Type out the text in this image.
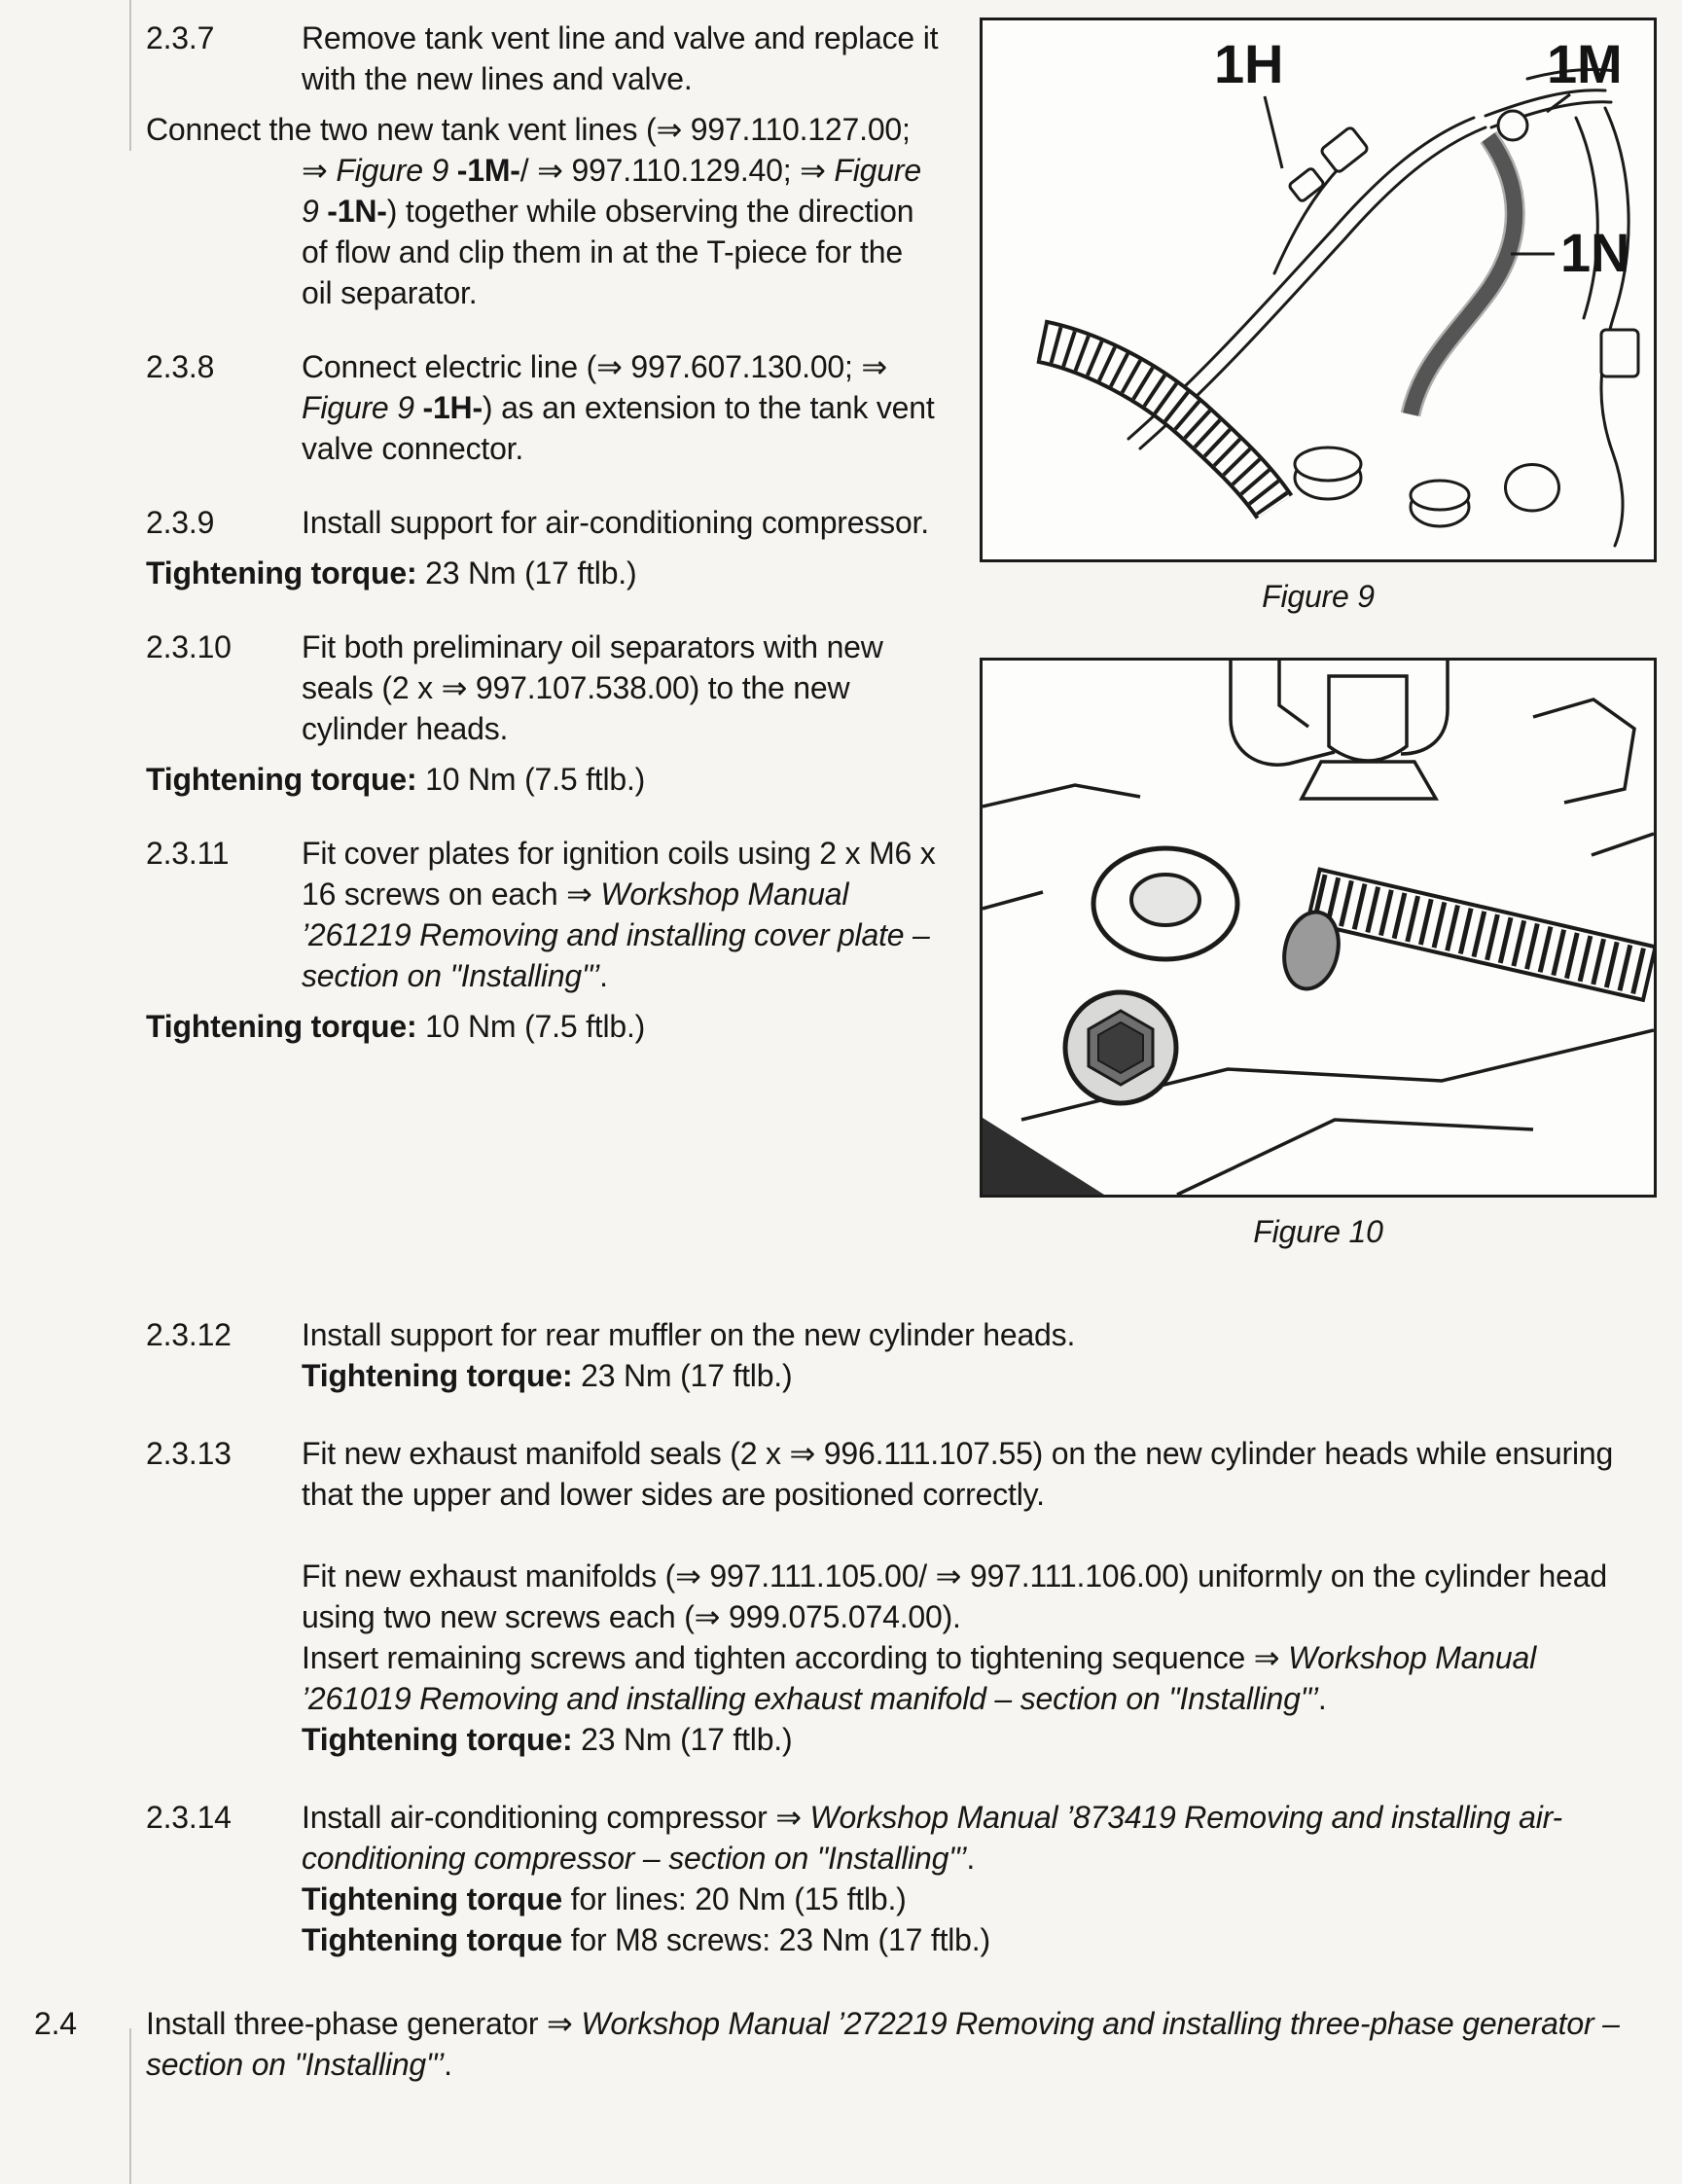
2.3.7	Remove tank vent line and valve and replace it with the new lines and valve.

Connect the two new tank vent lines (⇒ 997.110.127.00; ⇒ Figure 9 -1M-/ ⇒ 997.110.129.40; ⇒ Figure 9 -1N-) together while observing the direction of flow and clip them in at the T-piece for the oil separator.

2.3.8	Connect electric line (⇒ 997.607.130.00; ⇒ Figure 9 -1H-) as an extension to the tank vent valve connector.

2.3.9	Install support for air-conditioning compressor.

Tightening torque: 23 Nm (17 ftlb.)

2.3.10	Fit both preliminary oil separators with new seals (2 x ⇒ 997.107.538.00) to the new cylinder heads.

Tightening torque: 10 Nm (7.5 ftlb.)

2.3.11	Fit cover plates for ignition coils using 2 x M6 x 16 screws on each ⇒ Workshop Manual ’261219 Removing and installing cover plate – section on "Installing"’.

Tightening torque: 10 Nm (7.5 ftlb.)

1H	1M
1N

Figure 9

Figure 10

2.3.12	Install support for rear muffler on the new cylinder heads.

Tightening torque: 23 Nm (17 ftlb.)

2.3.13	Fit new exhaust manifold seals (2 x ⇒ 996.111.107.55) on the new cylinder heads while ensuring that the upper and lower sides are positioned correctly.

Fit new exhaust manifolds (⇒ 997.111.105.00/ ⇒ 997.111.106.00) uniformly on the cylinder head using two new screws each (⇒ 999.075.074.00).

Insert remaining screws and tighten according to tightening sequence ⇒ Workshop Manual ’261019 Removing and installing exhaust manifold – section on "Installing"’.

Tightening torque: 23 Nm (17 ftlb.)

2.3.14	Install air-conditioning compressor ⇒ Workshop Manual ’873419 Removing and installing air-conditioning compressor – section on "Installing"’.

Tightening torque for lines: 20 Nm (15 ftlb.)

Tightening torque for M8 screws: 23 Nm (17 ftlb.)

2.4	Install three-phase generator ⇒ Workshop Manual ’272219 Removing and installing three-phase generator – section on "Installing"’.
